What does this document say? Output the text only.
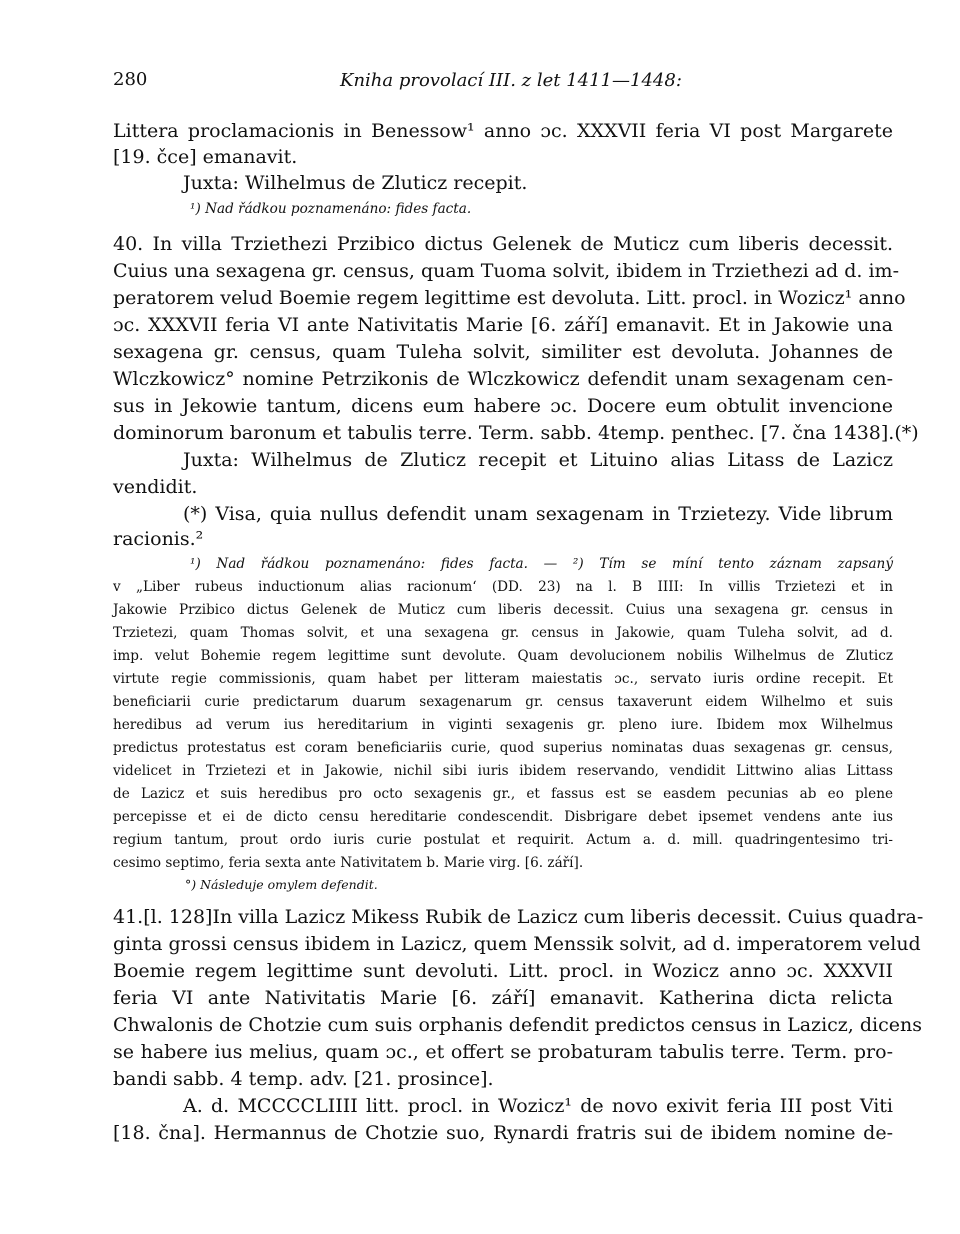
280	Kniha provolací III. z let 1411—1448:

Littera proclamacionis in Benessow¹ anno ɔc. XXXVII feria VI post Margarete

[19. čce] emanavit.

Juxta: Wilhelmus de Zluticz recepit.

¹) Nad řádkou poznamenáno: fides facta.

40. In villa Trziethezi Przibico dictus Gelenek de Muticz cum liberis decessit.

Cuius una sexagena gr. census, quam Tuoma solvit, ibidem in Trziethezi ad d. im-

peratorem velud Boemie regem legittime est devoluta. Litt. procl. in Wozicz¹ anno

ɔc. XXXVII feria VI ante Nativitatis Marie [6. září] emanavit. Et in Jakowie una

sexagena gr. census, quam Tuleha solvit, similiter est devoluta. Johannes de

Wlczkowicz° nomine Petrzikonis de Wlczkowicz defendit unam sexagenam cen-

sus in Jekowie tantum, dicens eum habere ɔc. Docere eum obtulit invencione

dominorum baronum et tabulis terre. Term. sabb. 4temp. penthec. [7. čna 1438].(*)

Juxta: Wilhelmus de Zluticz recepit et Lituino alias Litass de Lazicz

vendidit.

(*) Visa, quia nullus defendit unam sexagenam in Trzietezy. Vide librum

racionis.²

¹) Nad řádkou poznamenáno: fides facta. — ²) Tím se míní tento záznam zapsaný

v „Liber rubeus inductionum alias racionum‘ (DD. 23) na l. B IIII: In villis Trzietezi et in

Jakowie Przibico dictus Gelenek de Muticz cum liberis decessit. Cuius una sexagena gr. census in

Trzietezi, quam Thomas solvit, et una sexagena gr. census in Jakowie, quam Tuleha solvit, ad d.

imp. velut Bohemie regem legittime sunt devolute. Quam devolucionem nobilis Wilhelmus de Zluticz

virtute regie commissionis, quam habet per litteram maiestatis ɔc., servato iuris ordine recepit. Et

beneficiarii curie predictarum duarum sexagenarum gr. census taxaverunt eidem Wilhelmo et suis

heredibus ad verum ius hereditarium in viginti sexagenis gr. pleno iure. Ibidem mox Wilhelmus

predictus protestatus est coram beneficiariis curie, quod superius nominatas duas sexagenas gr. census,

videlicet in Trzietezi et in Jakowie, nichil sibi iuris ibidem reservando, vendidit Littwino alias Littass

de Lazicz et suis heredibus pro octo sexagenis gr., et fassus est se easdem pecunias ab eo plene

percepisse et ei de dicto censu hereditarie condescendit. Disbrigare debet ipsemet vendens ante ius

regium tantum, prout ordo iuris curie postulat et requirit. Actum a. d. mill. quadringentesimo tri-

cesimo septimo, feria sexta ante Nativitatem b. Marie virg. [6. září].

°) Následuje omylem defendit.

41.[l. 128]In villa Lazicz Mikess Rubik de Lazicz cum liberis decessit. Cuius quadra-

ginta grossi census ibidem in Lazicz, quem Menssik solvit, ad d. imperatorem velud

Boemie regem legittime sunt devoluti. Litt. procl. in Wozicz anno ɔc. XXXVII

feria VI ante Nativitatis Marie [6. září] emanavit. Katherina dicta relicta

Chwalonis de Chotzie cum suis orphanis defendit predictos census in Lazicz, dicens

se habere ius melius, quam ɔc., et offert se probaturam tabulis terre. Term. pro-

bandi sabb. 4 temp. adv. [21. prosince].

A. d. MCCCCLIIII litt. procl. in Wozicz¹ de novo exivit feria III post Viti

[18. čna]. Hermannus de Chotzie suo, Rynardi fratris sui de ibidem nomine de-
